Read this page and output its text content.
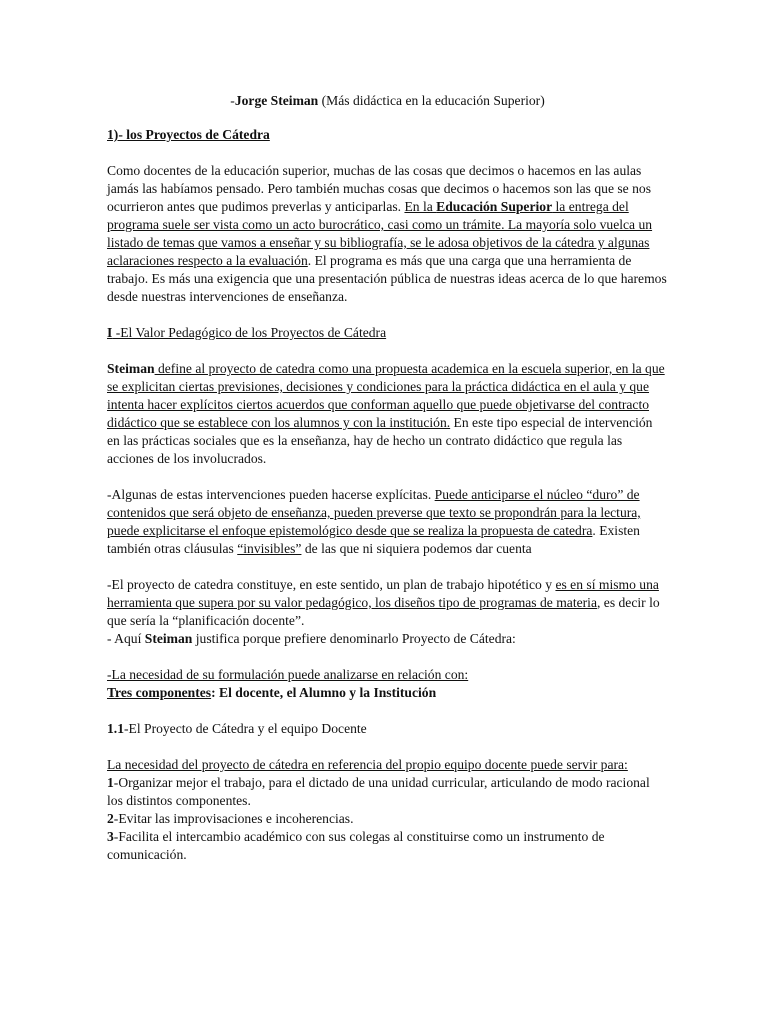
-Jorge Steiman (Más didáctica en la educación Superior)

1)- los Proyectos de Cátedra

Como docentes de la educación superior, muchas de las cosas que decimos o hacemos en las aulas jamás las habíamos pensado. Pero también muchas cosas que decimos o hacemos son las que se nos ocurrieron antes que pudimos preverlas y anticiparlas. En la Educación Superior la entrega del programa suele ser vista como un acto burocrático, casi como un trámite. La mayoría solo vuelca un listado de temas que vamos a enseñar y su bibliografía, se le adosa objetivos de la cátedra y algunas aclaraciones respecto a la evaluación. El programa es más que una carga que una herramienta de trabajo. Es más una exigencia que una presentación pública de nuestras ideas acerca de lo que haremos desde nuestras intervenciones de enseñanza.

I -El Valor Pedagógico de los Proyectos de Cátedra

Steiman define al proyecto de catedra como una propuesta academica en la escuela superior, en la que se explicitan ciertas previsiones, decisiones y condiciones para la práctica didáctica en el aula y que intenta hacer explícitos ciertos acuerdos que conforman aquello que puede objetivarse del contracto didáctico que se establece con los alumnos y con la institución. En este tipo especial de intervención en las prácticas sociales que es la enseñanza, hay de hecho un contrato didáctico que regula las acciones de los involucrados.

-Algunas de estas intervenciones pueden hacerse explícitas. Puede anticiparse el núcleo “duro” de contenidos que será objeto de enseñanza, pueden preverse que texto se propondrán para la lectura, puede explicitarse el enfoque epistemológico desde que se realiza la propuesta de catedra. Existen también otras cláusulas “invisibles” de las que ni siquiera podemos dar cuenta

-El proyecto de catedra constituye, en este sentido, un plan de trabajo hipotético y es en sí mismo una herramienta que supera por su valor pedagógico, los diseños tipo de programas de materia, es decir lo que sería la “planificación docente”.

- Aquí Steiman justifica porque prefiere denominarlo Proyecto de Cátedra:

-La necesidad de su formulación puede analizarse en relación con:

Tres componentes: El docente, el Alumno y la Institución

1.1-El Proyecto de Cátedra y el equipo Docente

La necesidad del proyecto de cátedra en referencia del propio equipo docente puede servir para:

1-Organizar mejor el trabajo, para el dictado de una unidad curricular, articulando de modo racional los distintos componentes.
2-Evitar las improvisaciones e incoherencias.
3-Facilita el intercambio académico con sus colegas al constituirse como un instrumento de comunicación.
